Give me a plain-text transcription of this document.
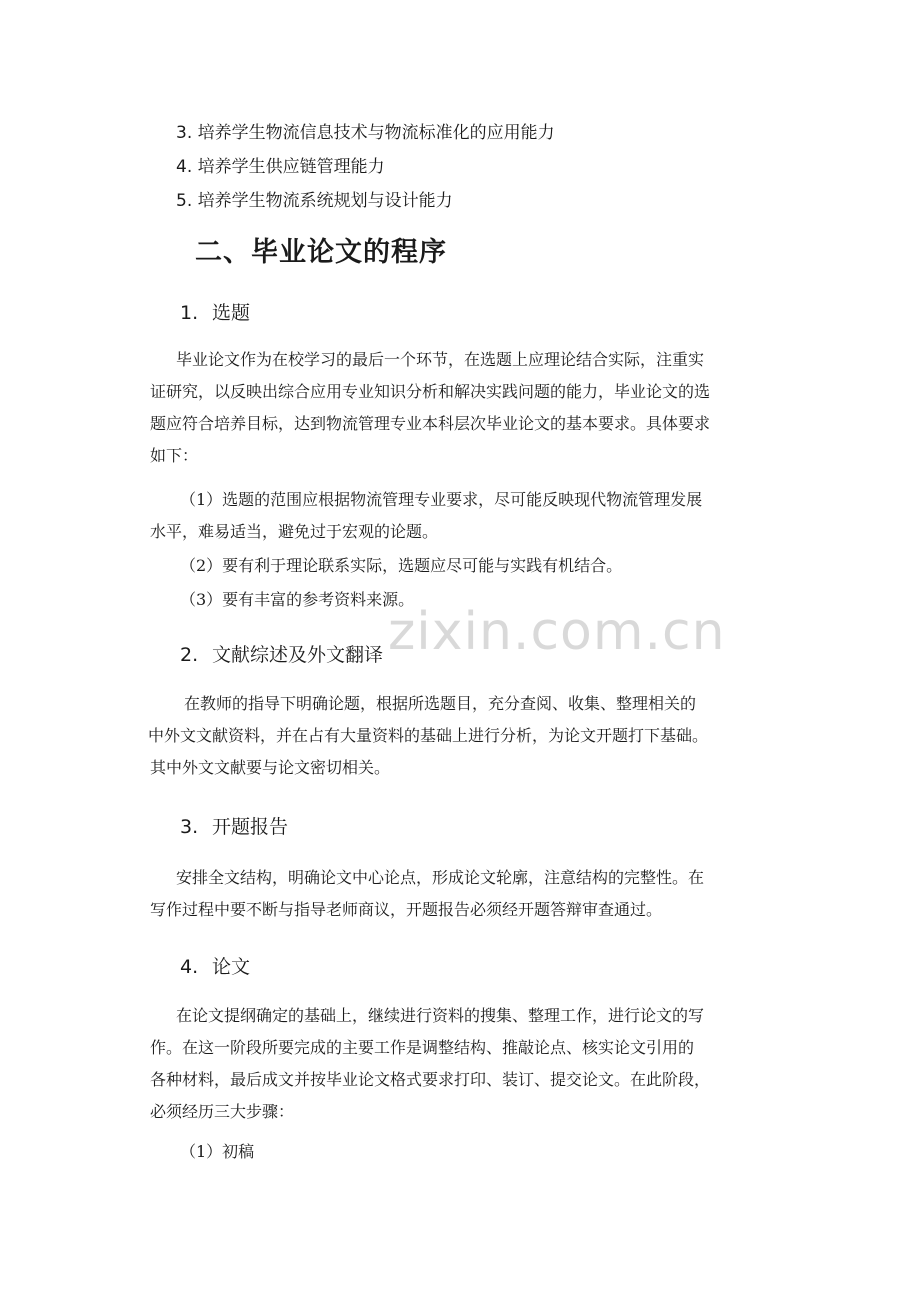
3. 培养学生物流信息技术与物流标准化的应用能力
4. 培养学生供应链管理能力
5. 培养学生物流系统规划与设计能力
二、毕业论文的程序
1. 选题
毕业论文作为在校学习的最后一个环节，在选题上应理论结合实际，注重实
证研究，以反映出综合应用专业知识分析和解决实践问题的能力，毕业论文的选
题应符合培养目标，达到物流管理专业本科层次毕业论文的基本要求。具体要求
如下：
（1）选题的范围应根据物流管理专业要求，尽可能反映现代物流管理发展
水平，难易适当，避免过于宏观的论题。
（2）要有利于理论联系实际，选题应尽可能与实践有机结合。
（3）要有丰富的参考资料来源。
zixin.com.cn
2. 文献综述及外文翻译
在教师的指导下明确论题，根据所选题目，充分查阅、收集、整理相关的
中外文文献资料，并在占有大量资料的基础上进行分析，为论文开题打下基础。
其中外文文献要与论文密切相关。
3. 开题报告
安排全文结构，明确论文中心论点，形成论文轮廓，注意结构的完整性。在
写作过程中要不断与指导老师商议，开题报告必须经开题答辩审查通过。
4. 论文
在论文提纲确定的基础上，继续进行资料的搜集、整理工作，进行论文的写
作。在这一阶段所要完成的主要工作是调整结构、推敲论点、核实论文引用的
各种材料，最后成文并按毕业论文格式要求打印、装订、提交论文。在此阶段，
必须经历三大步骤：
（1）初稿
